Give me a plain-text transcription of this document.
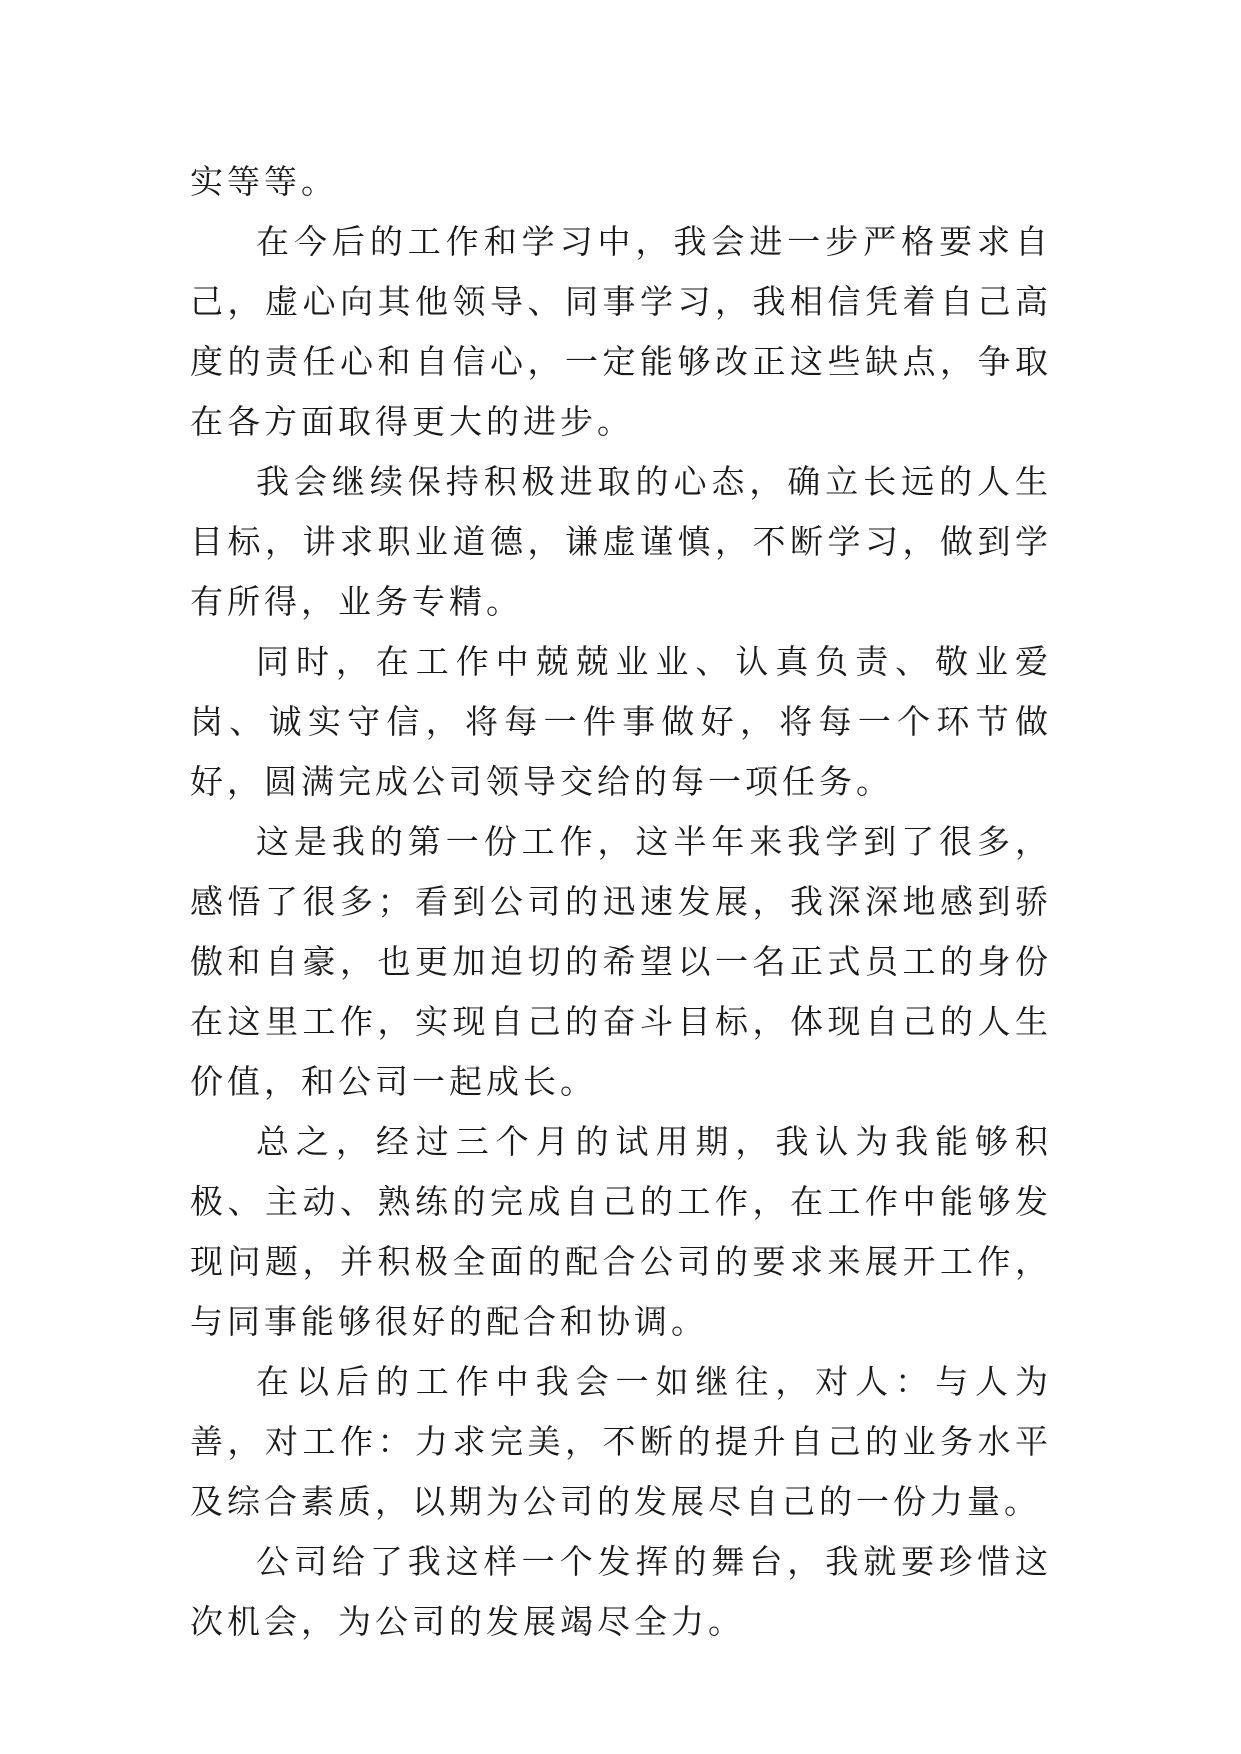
实等等。

在今后的工作和学习中，我会进一步严格要求自己，虚心向其他领导、同事学习，我相信凭着自己高度的责任心和自信心，一定能够改正这些缺点，争取在各方面取得更大的进步。

我会继续保持积极进取的心态，确立长远的人生目标，讲求职业道德，谦虚谨慎，不断学习，做到学有所得，业务专精。

同时，在工作中兢兢业业、认真负责、敬业爱岗、诚实守信，将每一件事做好，将每一个环节做好，圆满完成公司领导交给的每一项任务。

这是我的第一份工作，这半年来我学到了很多，感悟了很多；看到公司的迅速发展，我深深地感到骄傲和自豪，也更加迫切的希望以一名正式员工的身份在这里工作，实现自己的奋斗目标，体现自己的人生价值，和公司一起成长。

总之，经过三个月的试用期，我认为我能够积极、主动、熟练的完成自己的工作，在工作中能够发现问题，并积极全面的配合公司的要求来展开工作，与同事能够很好的配合和协调。

在以后的工作中我会一如继往，对人：与人为善，对工作：力求完美，不断的提升自己的业务水平及综合素质，以期为公司的发展尽自己的一份力量。

公司给了我这样一个发挥的舞台，我就要珍惜这次机会，为公司的发展竭尽全力。
